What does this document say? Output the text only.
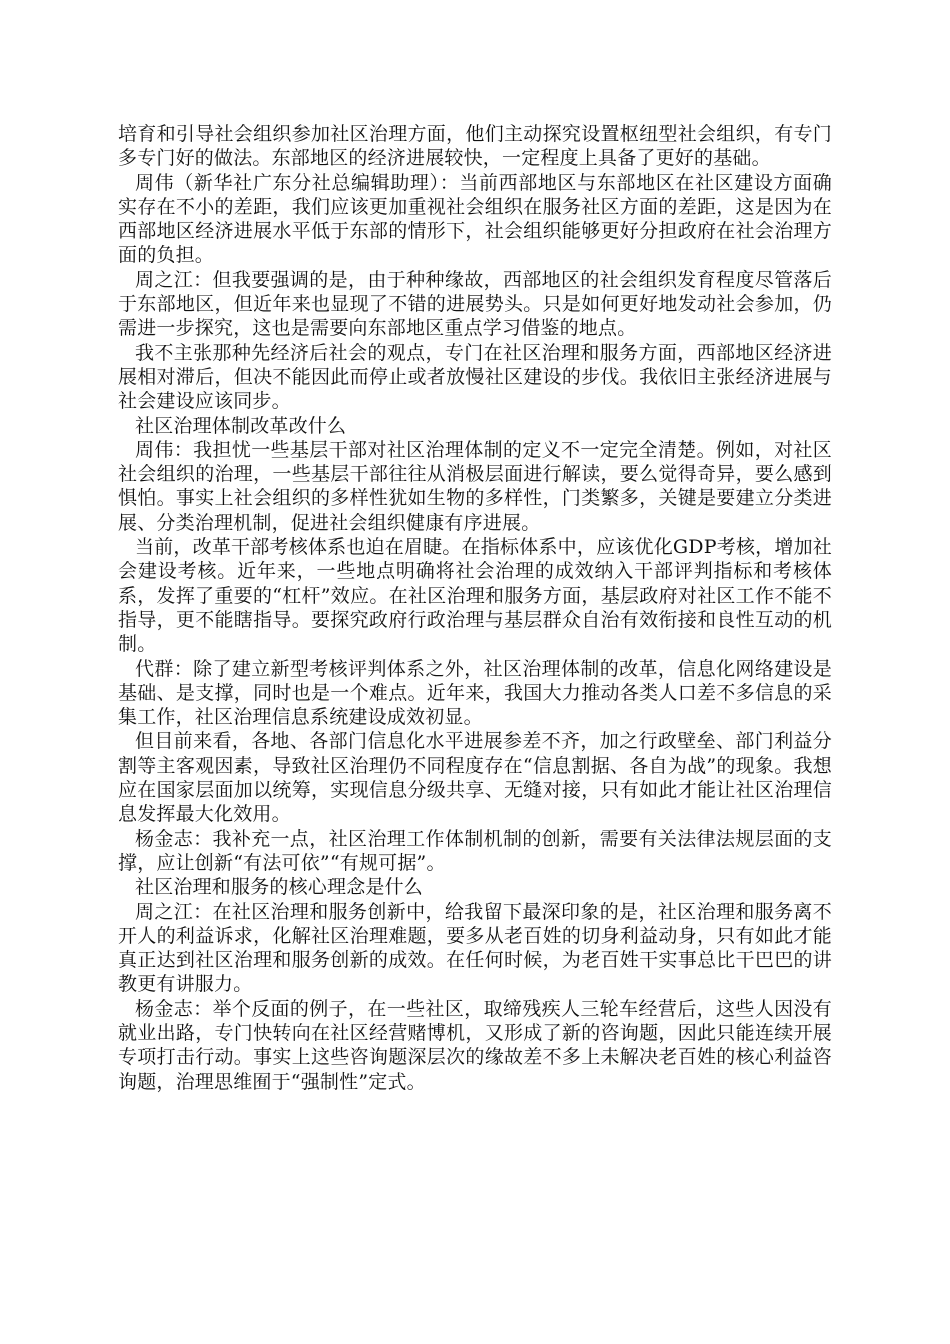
培育和引导社会组织参加社区治理方面，他们主动探究设置枢纽型社会组织，有专门多专门好的做法。东部地区的经济进展较快，一定程度上具备了更好的基础。

周伟（新华社广东分社总编辑助理）：当前西部地区与东部地区在社区建设方面确实存在不小的差距，我们应该更加重视社会组织在服务社区方面的差距，这是因为在西部地区经济进展水平低于东部的情形下，社会组织能够更好分担政府在社会治理方面的负担。

周之江：但我要强调的是，由于种种缘故，西部地区的社会组织发育程度尽管落后于东部地区，但近年来也显现了不错的进展势头。只是如何更好地发动社会参加，仍需进一步探究，这也是需要向东部地区重点学习借鉴的地点。

我不主张那种先经济后社会的观点，专门在社区治理和服务方面，西部地区经济进展相对滞后，但决不能因此而停止或者放慢社区建设的步伐。我依旧主张经济进展与社会建设应该同步。

社区治理体制改革改什么

周伟：我担忧一些基层干部对社区治理体制的定义不一定完全清楚。例如，对社区社会组织的治理，一些基层干部往往从消极层面进行解读，要么觉得奇异，要么感到惧怕。事实上社会组织的多样性犹如生物的多样性，门类繁多，关键是要建立分类进展、分类治理机制，促进社会组织健康有序进展。

当前，改革干部考核体系也迫在眉睫。在指标体系中，应该优化GDP考核，增加社会建设考核。近年来，一些地点明确将社会治理的成效纳入干部评判指标和考核体系，发挥了重要的“杠杆”效应。在社区治理和服务方面，基层政府对社区工作不能不指导，更不能瞎指导。要探究政府行政治理与基层群众自治有效衔接和良性互动的机制。

代群：除了建立新型考核评判体系之外，社区治理体制的改革，信息化网络建设是基础、是支撑，同时也是一个难点。近年来，我国大力推动各类人口差不多信息的采集工作，社区治理信息系统建设成效初显。

但目前来看，各地、各部门信息化水平进展参差不齐，加之行政壁垒、部门利益分割等主客观因素，导致社区治理仍不同程度存在“信息割据、各自为战”的现象。我想应在国家层面加以统筹，实现信息分级共享、无缝对接，只有如此才能让社区治理信息发挥最大化效用。

杨金志：我补充一点，社区治理工作体制机制的创新，需要有关法律法规层面的支撑，应让创新“有法可依”“有规可据”。

社区治理和服务的核心理念是什么

周之江：在社区治理和服务创新中，给我留下最深印象的是，社区治理和服务离不开人的利益诉求，化解社区治理难题，要多从老百姓的切身利益动身，只有如此才能真正达到社区治理和服务创新的成效。在任何时候，为老百姓干实事总比干巴巴的讲教更有讲服力。

杨金志：举个反面的例子，在一些社区，取缔残疾人三轮车经营后，这些人因没有就业出路，专门快转向在社区经营赌博机，又形成了新的咨询题，因此只能连续开展专项打击行动。事实上这些咨询题深层次的缘故差不多上未解决老百姓的核心利益咨询题，治理思维囿于“强制性”定式。
